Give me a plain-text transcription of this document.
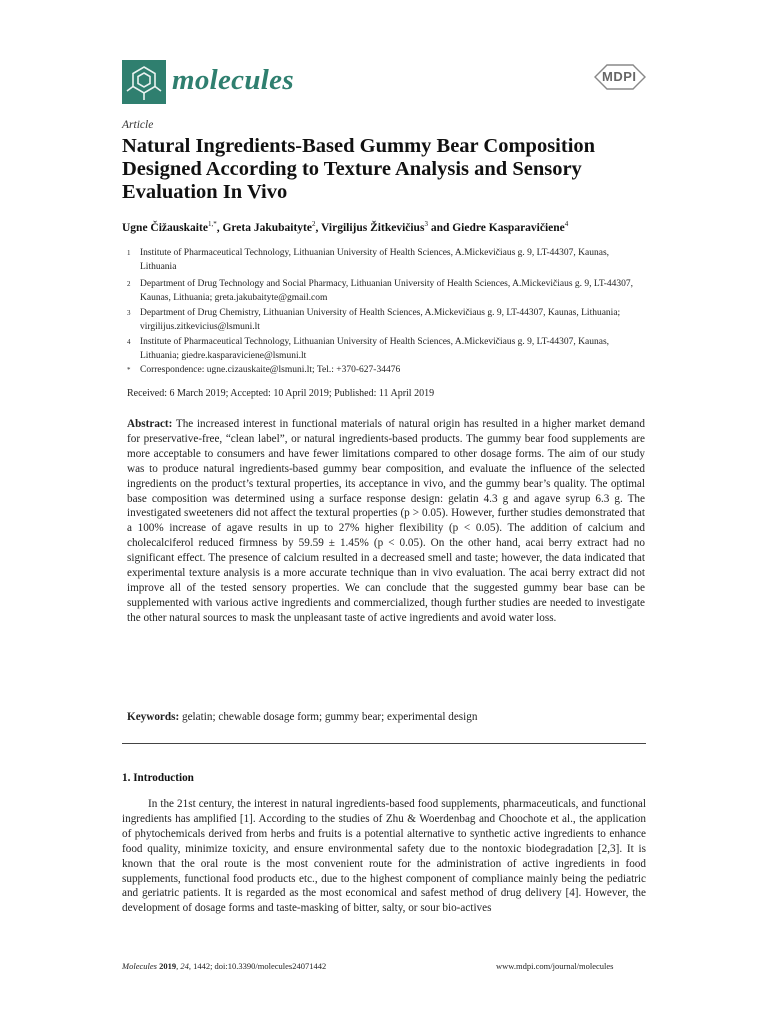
molecules	MDPI
Article
Natural Ingredients-Based Gummy Bear Composition Designed According to Texture Analysis and Sensory Evaluation In Vivo
Ugne Čižauskaite$^{1,*}$, Greta Jakubaityte$^2$, Virgilijus Žitkevičius$^3$ and Giedre Kasparavičiene$^4$
1 Institute of Pharmaceutical Technology, Lithuanian University of Health Sciences, A.Mickevičiaus g. 9, LT-44307, Kaunas, Lithuania
2 Department of Drug Technology and Social Pharmacy, Lithuanian University of Health Sciences, A.Mickevičiaus g. 9, LT-44307, Kaunas, Lithuania; greta.jakubaityte@gmail.com
3 Department of Drug Chemistry, Lithuanian University of Health Sciences, A.Mickevičiaus g. 9, LT-44307, Kaunas, Lithuania; virgilijus.zitkevicius@lsmuni.lt
4 Institute of Pharmaceutical Technology, Lithuanian University of Health Sciences, A.Mickevičiaus g. 9, LT-44307, Kaunas, Lithuania; giedre.kasparaviciene@lsmuni.lt
* Correspondence: ugne.cizauskaite@lsmuni.lt; Tel.: +370-627-34476
Received: 6 March 2019; Accepted: 10 April 2019; Published: 11 April 2019
Abstract: The increased interest in functional materials of natural origin has resulted in a higher market demand for preservative-free, “clean label”, or natural ingredients-based products. The gummy bear food supplements are more acceptable to consumers and have fewer limitations compared to other dosage forms. The aim of our study was to produce natural ingredients-based gummy bear composition, and evaluate the influence of the selected ingredients on the product’s textural properties, its acceptance in vivo, and the gummy bear’s quality. The optimal base composition was determined using a surface response design: gelatin 4.3 g and agave syrup 6.3 g. The investigated sweeteners did not affect the textural properties (p > 0.05). However, further studies demonstrated that a 100% increase of agave results in up to 27% higher flexibility (p < 0.05). The addition of calcium and cholecalciferol reduced firmness by 59.59 ± 1.45% (p < 0.05). On the other hand, acai berry extract had no significant effect. The presence of calcium resulted in a decreased smell and taste; however, the data indicated that experimental texture analysis is a more accurate technique than in vivo evaluation. The acai berry extract did not improve all of the tested sensory properties. We can conclude that the suggested gummy bear base can be supplemented with various active ingredients and commercialized, though further studies are needed to investigate the other natural sources to mask the unpleasant taste of active ingredients and avoid water loss.
Keywords: gelatin; chewable dosage form; gummy bear; experimental design
1. Introduction
In the 21st century, the interest in natural ingredients-based food supplements, pharmaceuticals, and functional ingredients has amplified [1]. According to the studies of Zhu & Woerdenbag and Choochote et al., the application of phytochemicals derived from herbs and fruits is a potential alternative to synthetic active ingredients to enhance food quality, minimize toxicity, and ensure environmental safety due to the nontoxic biodegradation [2,3]. It is known that the oral route is the most convenient route for the administration of active ingredients in food supplements, functional food products etc., due to the highest component of compliance mainly being the pediatric and geriatric patients. It is regarded as the most economical and safest method of drug delivery [4]. However, the development of dosage forms and taste-masking of bitter, salty, or sour bio-actives
Molecules 2019, 24, 1442; doi:10.3390/molecules24071442	www.mdpi.com/journal/molecules
